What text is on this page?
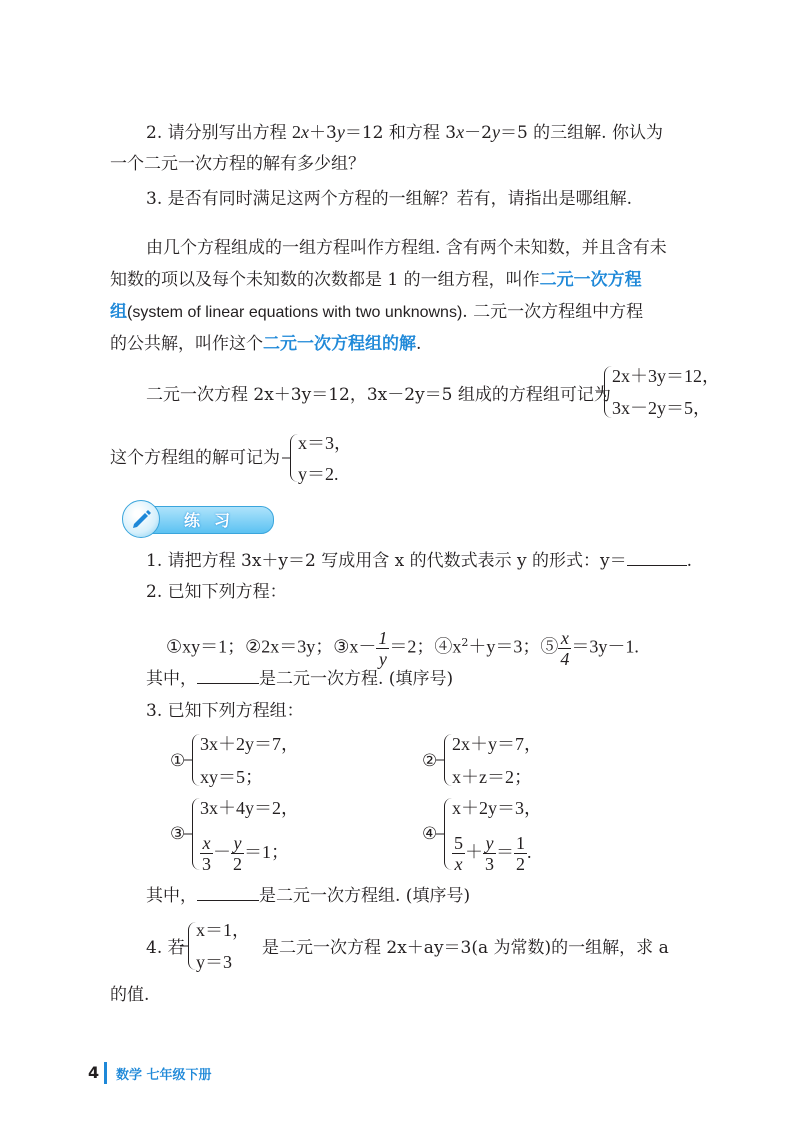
2. 请分别写出方程 2x＋3y＝12 和方程 3x－2y＝5 的三组解. 你认为
一个二元一次方程的解有多少组？
3. 是否有同时满足这两个方程的一组解？若有，请指出是哪组解.
由几个方程组成的一组方程叫作方程组. 含有两个未知数，并且含有未
知数的项以及每个未知数的次数都是 1 的一组方程，叫作二元一次方程
组(system of linear equations with two unknowns). 二元一次方程组中方程
的公共解，叫作这个二元一次方程组的解.
二元一次方程 2x＋3y＝12，3x－2y＝5 组成的方程组可记为
2x＋3y＝12，
3x－2y＝5，
这个方程组的解可记为
x＝3，
y＝2.
练习
1. 请把方程 3x＋y＝2 写成用含 x 的代数式表示 y 的形式：y＝	.
2. 已知下列方程：
①xy＝1；②2x＝3y；③x－ $\frac{1}{y} =2$；$④x^2+y=3$；⑤ $\frac{x}{4} =3y-1$.
其中，	是二元一次方程. (填序号)
3. 已知下列方程组：
①
3x＋2y＝7，
xy＝5；
②
2x＋y＝7，
x＋z＝2；
③
3x＋4y＝2，
$\frac{x}{3} - \frac{y}{2} =1$；
④
x＋2y＝3，
$\frac{5}{x} + \frac{y}{3} = \frac{1}{2}$ .
其中，	是二元一次方程组. (填序号)
4. 若
x＝1，
y＝3
是二元一次方程 2x＋ay＝3(a 为常数)的一组解，求 a
的值.
4 数学 七年级下册
